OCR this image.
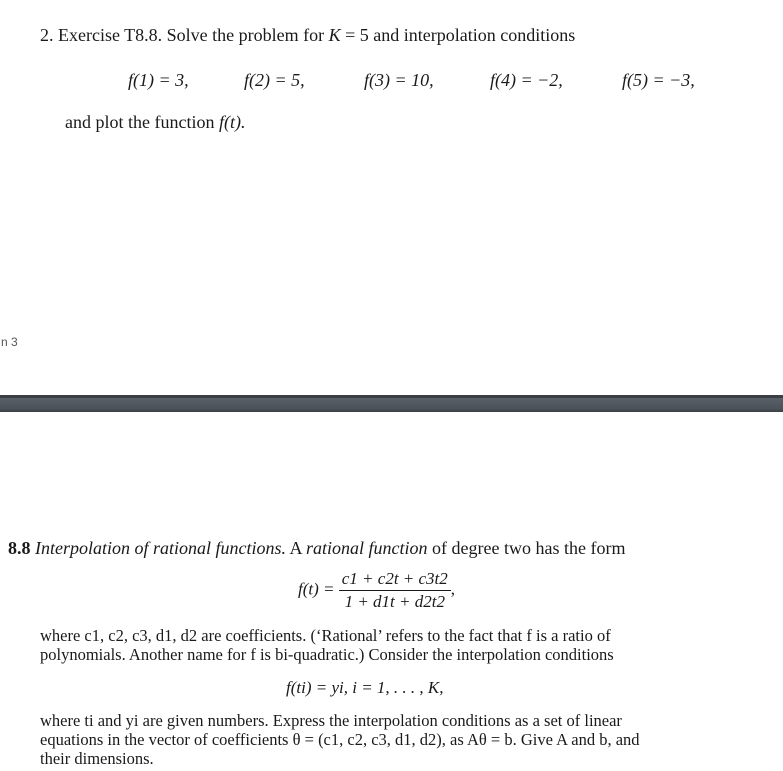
2. Exercise T8.8. Solve the problem for K = 5 and interpolation conditions
f(1) = 3,	f(2) = 5,	f(3) = 10,	f(4) = −2,	f(5) = −3,
and plot the function f(t).
n 3
8.8 Interpolation of rational functions. A rational function of degree two has the form
$f(t) = \frac{c1 + c2t + c3t2}{1 + d1t + d2t2}$ ,
where c1, c2, c3, d1, d2 are coefficients. (‘Rational’ refers to the fact that f is a ratio of
polynomials. Another name for f is bi-quadratic.) Consider the interpolation conditions
f(ti) = yi, i = 1, . . . , K,
where ti and yi are given numbers. Express the interpolation conditions as a set of linear
equations in the vector of coefficients θ = (c1, c2, c3, d1, d2), as Aθ = b. Give A and b, and
their dimensions.
